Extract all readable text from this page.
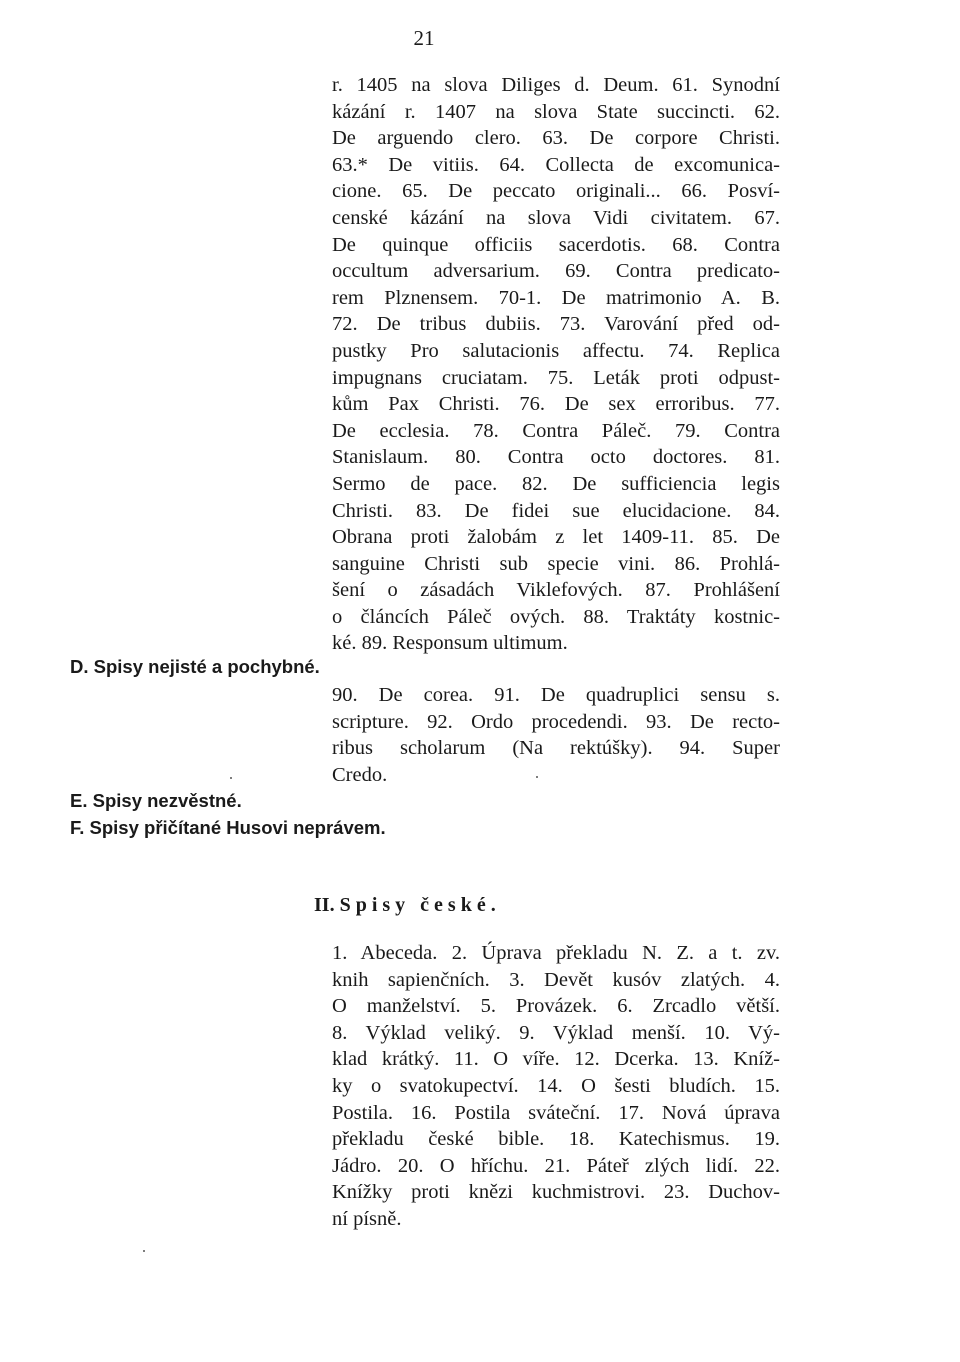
21
r. 1405 na slova Diliges d. Deum. 61. Synodní
kázání r. 1407 na slova State succincti. 62.
De arguendo clero. 63. De corpore Christi.
63.* De vitiis. 64. Collecta de excomunica-
cione. 65. De peccato originali... 66. Posví-
censké kázání na slova Vidi civitatem. 67.
De quinque officiis sacerdotis. 68. Contra
occultum adversarium. 69. Contra predicato-
rem Plznensem. 70-1. De matrimonio A. B.
72. De tribus dubiis. 73. Varování před od-
pustky Pro salutacionis affectu. 74. Replica
impugnans cruciatam. 75. Leták proti odpust-
kům Pax Christi. 76. De sex erroribus. 77.
De ecclesia. 78. Contra Páleč. 79. Contra
Stanislaum. 80. Contra octo doctores. 81.
Sermo de pace. 82. De sufficiencia legis
Christi. 83. De fidei sue elucidacione. 84.
Obrana proti žalobám z let 1409-11. 85. De
sanguine Christi sub specie vini. 86. Prohlá-
šení o zásadách Viklefových. 87. Prohlášení
o článcích Páleč ových. 88. Traktáty kostnic-
ké. 89. Responsum ultimum.
D. Spisy nejisté a pochybné.
90. De corea. 91. De quadruplici sensu s.
scripture. 92. Ordo procedendi. 93. De recto-
ribus scholarum (Na rektúšky). 94. Super
Credo.
E. Spisy nezvěstné.
F. Spisy přičítané Husovi neprávem.
II. Spisy české.
1. Abeceda. 2. Úprava překladu N. Z. a t. zv.
knih sapienčních. 3. Devět kusóv zlatých. 4.
O manželství. 5. Provázek. 6. Zrcadlo větší.
8. Výklad veliký. 9. Výklad menší. 10. Vý-
klad krátký. 11. O víře. 12. Dcerka. 13. Kníž-
ky o svatokupectví. 14. O šesti bludích. 15.
Postila. 16. Postila sváteční. 17. Nová úprava
překladu české bible. 18. Katechismus. 19.
Jádro. 20. O hříchu. 21. Páteř zlých lidí. 22.
Knížky proti knězi kuchmistrovi. 23. Duchov-
ní písně.
